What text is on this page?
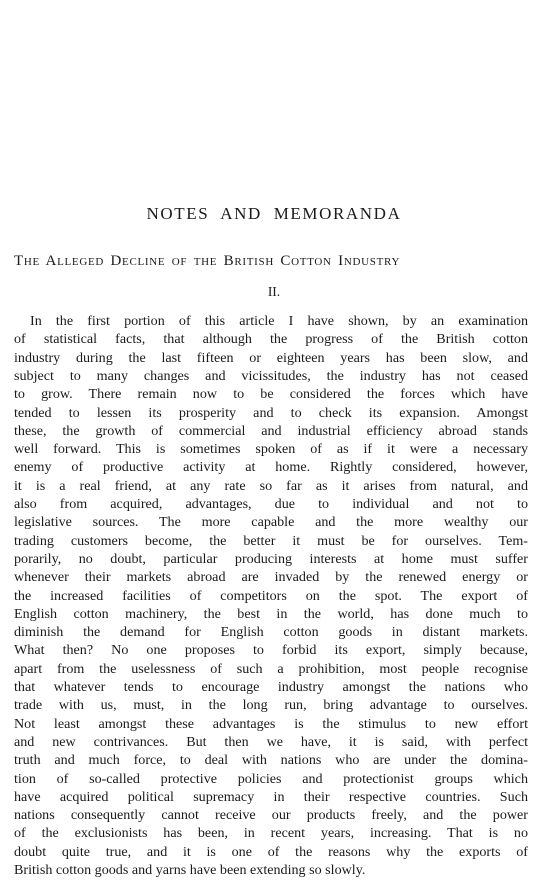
NOTES AND MEMORANDA
The Alleged Decline of the British Cotton Industry
II.
In the first portion of this article I have shown, by an examination
of statistical facts, that although the progress of the British cotton
industry during the last fifteen or eighteen years has been slow, and
subject to many changes and vicissitudes, the industry has not ceased
to grow. There remain now to be considered the forces which have
tended to lessen its prosperity and to check its expansion. Amongst
these, the growth of commercial and industrial efficiency abroad stands
well forward. This is sometimes spoken of as if it were a necessary
enemy of productive activity at home. Rightly considered, however,
it is a real friend, at any rate so far as it arises from natural, and
also from acquired, advantages, due to individual and not to
legislative sources. The more capable and the more wealthy our
trading customers become, the better it must be for ourselves. Tem-
porarily, no doubt, particular producing interests at home must suffer
whenever their markets abroad are invaded by the renewed energy or
the increased facilities of competitors on the spot. The export of
English cotton machinery, the best in the world, has done much to
diminish the demand for English cotton goods in distant markets.
What then? No one proposes to forbid its export, simply because,
apart from the uselessness of such a prohibition, most people recognise
that whatever tends to encourage industry amongst the nations who
trade with us, must, in the long run, bring advantage to ourselves.
Not least amongst these advantages is the stimulus to new effort
and new contrivances. But then we have, it is said, with perfect
truth and much force, to deal with nations who are under the domina-
tion of so-called protective policies and protectionist groups which
have acquired political supremacy in their respective countries. Such
nations consequently cannot receive our products freely, and the power
of the exclusionists has been, in recent years, increasing. That is no
doubt quite true, and it is one of the reasons why the exports of
British cotton goods and yarns have been extending so slowly.
